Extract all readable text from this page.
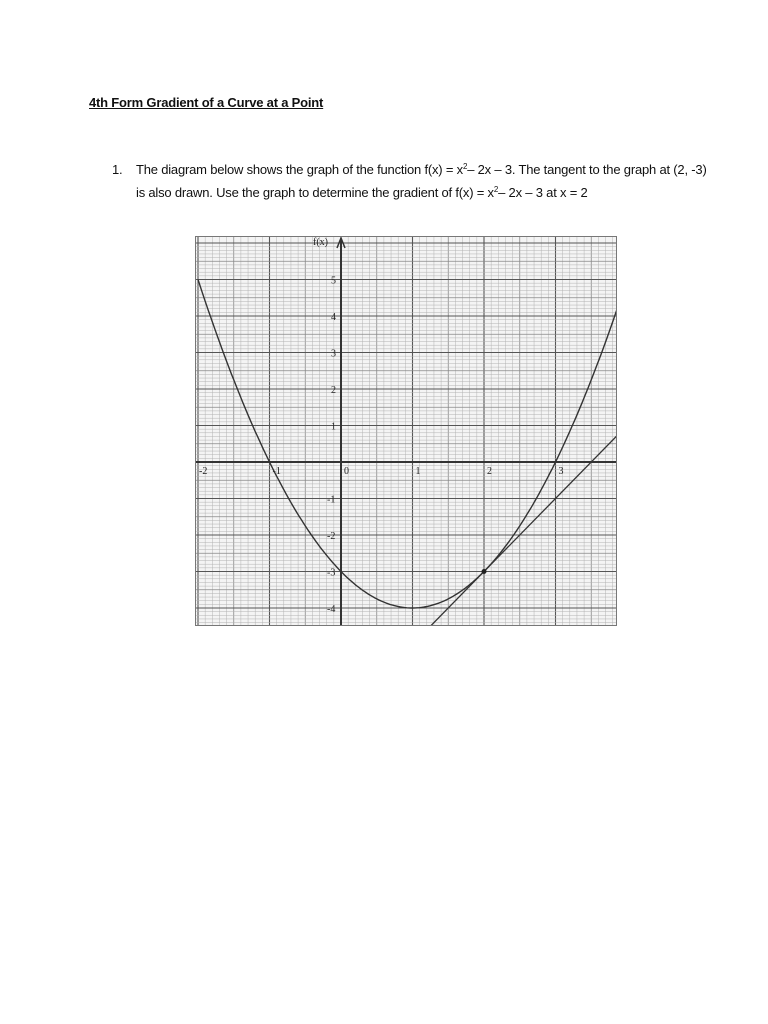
4th Form Gradient of a Curve at a Point
1. The diagram below shows the graph of the function $f(x) = x^2-$ 2x – 3. The tangent to the graph at (2, -3) is also drawn. Use the graph to determine the gradient of $f(x) = x^2-$ 2x – 3 at x = 2
f(x)
-2	-1	0	1	2	3
5
4
3
2
1
-1
-2
-3
-4
